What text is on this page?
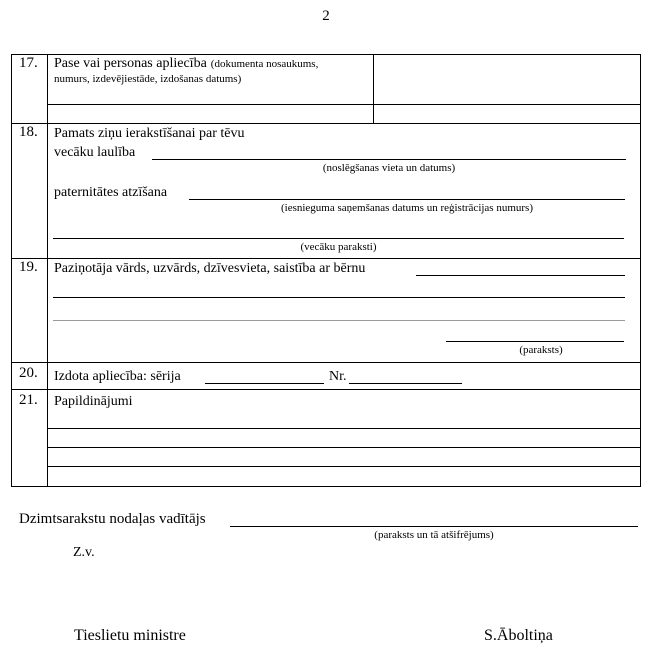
2
17. Pase vai personas apliecība (dokumenta nosaukums,
numurs, izdevējiestāde, izdošanas datums)
18. Pamats ziņu ierakstīšanai par tēvu
vecāku laulība
(noslēgšanas vieta un datums)
paternitātes atzīšana
(iesnieguma saņemšanas datums un reģistrācijas numurs)
(vecāku paraksti)
19. Paziņotāja vārds, uzvārds, dzīvesvieta, saistība ar bērnu
(paraksts)
20. Izdota apliecība: sērija	Nr.
21. Papildinājumi
Dzimtsarakstu nodaļas vadītājs
(paraksts un tā atšifrējums)
Z.v.
Tieslietu ministre	S.Āboltiņa
